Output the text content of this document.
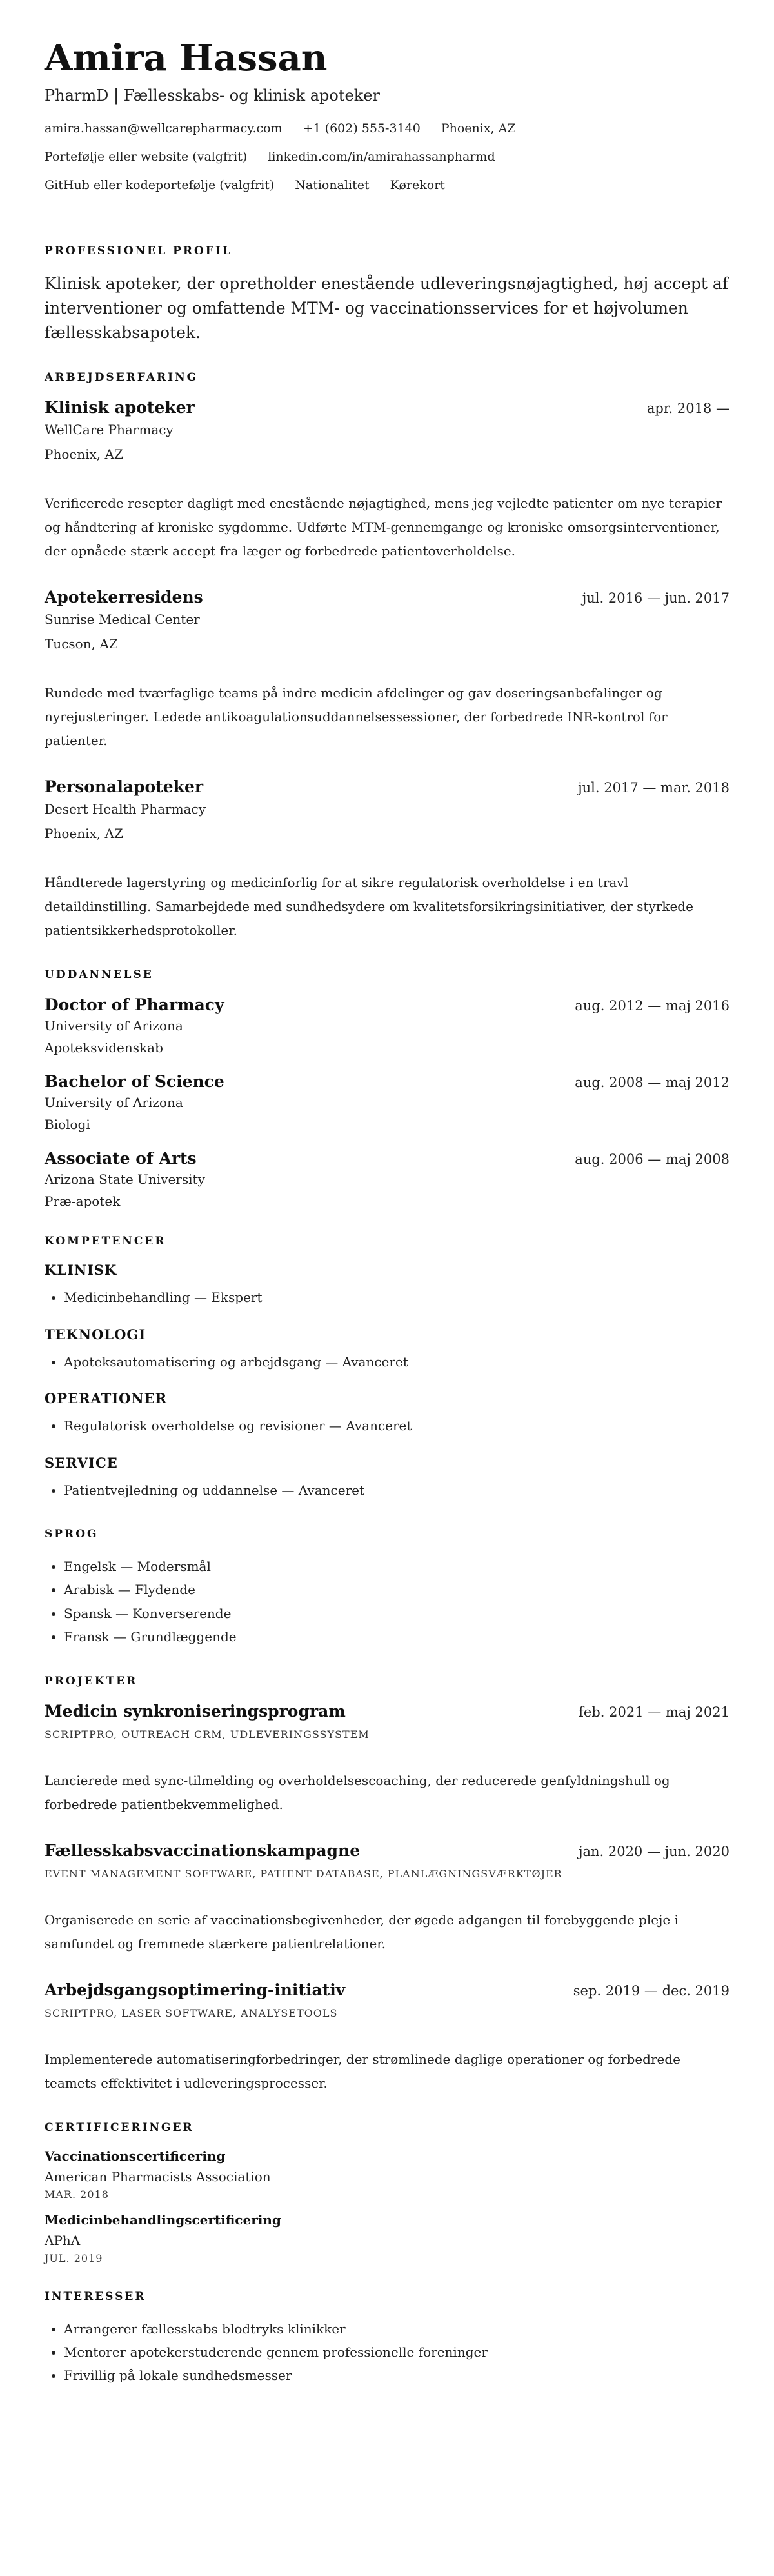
Amira Hassan
PharmD | Fællesskabs- og klinisk apoteker
amira.hassan@wellcarepharmacy.com +1 (602) 555-3140 Phoenix, AZ
Portefølje eller website (valgfrit) linkedin.com/in/amirahassanpharmd
GitHub eller kodeportefølje (valgfrit) Nationalitet Kørekort
PROFESSIONEL PROFIL

Klinisk apoteker, der opretholder enestående udleveringsnøjagtighed, høj accept af interventioner og omfattende MTM- og vaccinationsservices for et højvolumen fællesskabsapotek.

ARBEJDSERFARING
Klinisk apoteker	apr. 2018 —
WellCare Pharmacy
Phoenix, AZ
Verificerede resepter dagligt med enestående nøjagtighed, mens jeg vejledte patienter om nye terapier og håndtering af kroniske sygdomme. Udførte MTM-gennemgange og kroniske omsorgsinterventioner, der opnåede stærk accept fra læger og forbedrede patientoverholdelse.
Apotekerresidens	jul. 2016 — jun. 2017
Sunrise Medical Center
Tucson, AZ
Rundede med tværfaglige teams på indre medicin afdelinger og gav doseringsanbefalinger og nyrejusteringer. Ledede antikoagulationsuddannelsessessioner, der forbedrede INR-kontrol for patienter.
Personalapoteker	jul. 2017 — mar. 2018
Desert Health Pharmacy
Phoenix, AZ
Håndterede lagerstyring og medicinforlig for at sikre regulatorisk overholdelse i en travl detaildinstilling. Samarbejdede med sundhedsydere om kvalitetsforsikringsinitiativer, der styrkede patientsikkerhedsprotokoller.
UDDANNELSE
Doctor of Pharmacy	aug. 2012 — maj 2016
University of Arizona
Apoteksvidenskab
Bachelor of Science	aug. 2008 — maj 2012
University of Arizona
Biologi
Associate of Arts	aug. 2006 — maj 2008
Arizona State University
Præ-apotek
KOMPETENCER
KLINISK
• Medicinbehandling — Ekspert
TEKNOLOGI
• Apoteksautomatisering og arbejdsgang — Avanceret
OPERATIONER
• Regulatorisk overholdelse og revisioner — Avanceret
SERVICE
• Patientvejledning og uddannelse — Avanceret
SPROG
• Engelsk — Modersmål
• Arabisk — Flydende
• Spansk — Konverserende
• Fransk — Grundlæggende
PROJEKTER
Medicin synkroniseringsprogram	feb. 2021 — maj 2021
SCRIPTPRO, OUTREACH CRM, UDLEVERINGSSYSTEM
Lancierede med sync-tilmelding og overholdelsescoaching, der reducerede genfyldningshull og forbedrede patientbekvemmelighed.
Fællesskabsvaccinationskampagne	jan. 2020 — jun. 2020
EVENT MANAGEMENT SOFTWARE, PATIENT DATABASE, PLANLÆGNINGSVÆRKTØJER
Organiserede en serie af vaccinationsbegivenheder, der øgede adgangen til forebyggende pleje i samfundet og fremmede stærkere patientrelationer.
Arbejdsgangsoptimering-initiativ	sep. 2019 — dec. 2019
SCRIPTPRO, LASER SOFTWARE, ANALYSETOOLS
Implementerede automatiseringforbedringer, der strømlinede daglige operationer og forbedrede teamets effektivitet i udleveringsprocesser.
CERTIFICERINGER
Vaccinationscertificering
American Pharmacists Association
MAR. 2018
Medicinbehandlingscertificering
APhA
JUL. 2019
INTERESSER
• Arrangerer fællesskabs blodtryks klinikker
• Mentorer apotekerstuderende gennem professionelle foreninger
• Frivillig på lokale sundhedsmesser
